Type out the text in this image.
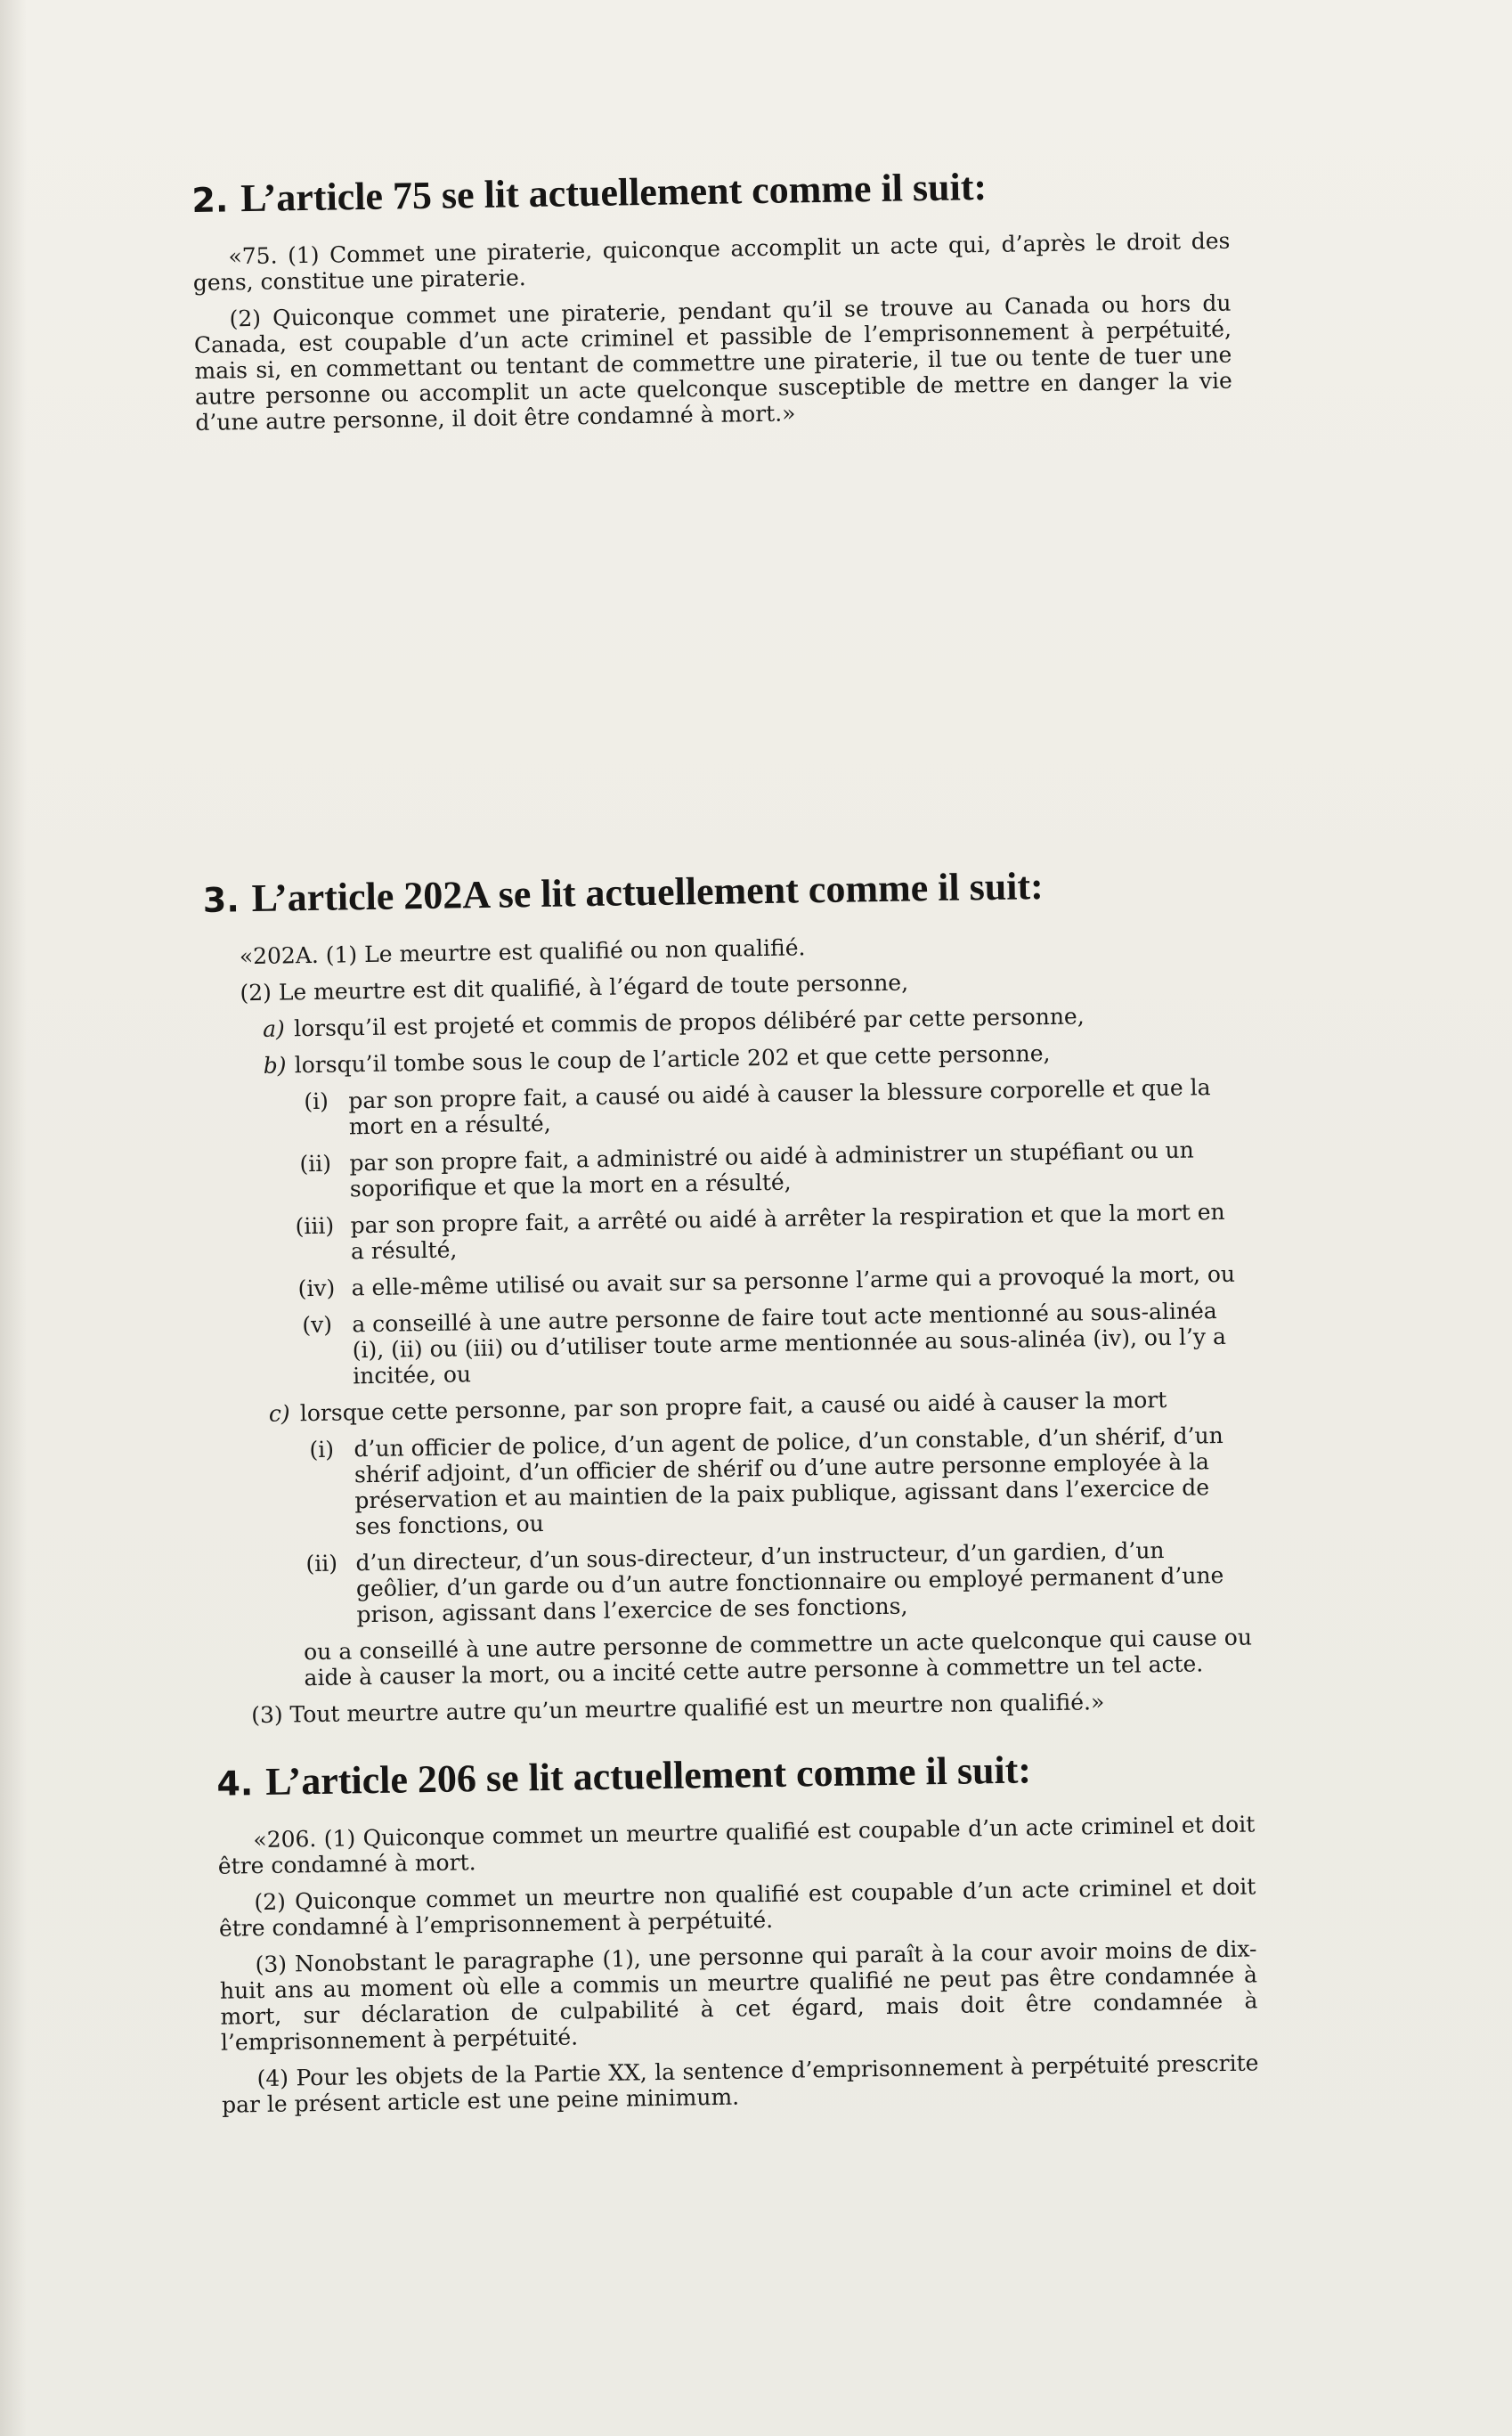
2. L’article 75 se lit actuellement comme il suit:

«75. (1) Commet une piraterie, quiconque accomplit un acte qui, d’après le droit des gens, constitue une piraterie.

(2) Quiconque commet une piraterie, pendant qu’il se trouve au Canada ou hors du Canada, est coupable d’un acte criminel et passible de l’emprisonnement à perpétuité, mais si, en commettant ou tentant de commettre une piraterie, il tue ou tente de tuer une autre personne ou accomplit un acte quelconque susceptible de mettre en danger la vie d’une autre personne, il doit être condamné à mort.»

3. L’article 202A se lit actuellement comme il suit:

«202A. (1) Le meurtre est qualifié ou non qualifié.

(2) Le meurtre est dit qualifié, à l’égard de toute personne,

a) lorsqu’il est projeté et commis de propos délibéré par cette personne,
b) lorsqu’il tombe sous le coup de l’article 202 et que cette personne,
(i) par son propre fait, a causé ou aidé à causer la blessure corporelle et que la mort en a résulté,
(ii) par son propre fait, a administré ou aidé à administrer un stupéfiant ou un soporifique et que la mort en a résulté,
(iii) par son propre fait, a arrêté ou aidé à arrêter la respiration et que la mort en a résulté,
(iv) a elle-même utilisé ou avait sur sa personne l’arme qui a provoqué la mort, ou
(v) a conseillé à une autre personne de faire tout acte mentionné au sous-alinéa (i), (ii) ou (iii) ou d’utiliser toute arme mentionnée au sous-alinéa (iv), ou l’y a incitée, ou
c) lorsque cette personne, par son propre fait, a causé ou aidé à causer la mort
(i) d’un officier de police, d’un agent de police, d’un constable, d’un shérif, d’un shérif adjoint, d’un officier de shérif ou d’une autre personne employée à la préservation et au maintien de la paix publique, agissant dans l’exercice de ses fonctions, ou
(ii) d’un directeur, d’un sous-directeur, d’un instructeur, d’un gardien, d’un geôlier, d’un garde ou d’un autre fonctionnaire ou employé permanent d’une prison, agissant dans l’exercice de ses fonctions,

ou a conseillé à une autre personne de commettre un acte quelconque qui cause ou aide à causer la mort, ou a incité cette autre personne à commettre un tel acte.

(3) Tout meurtre autre qu’un meurtre qualifié est un meurtre non qualifié.»

4. L’article 206 se lit actuellement comme il suit:

«206. (1) Quiconque commet un meurtre qualifié est coupable d’un acte criminel et doit être condamné à mort.

(2) Quiconque commet un meurtre non qualifié est coupable d’un acte criminel et doit être condamné à l’emprisonnement à perpétuité.

(3) Nonobstant le paragraphe (1), une personne qui paraît à la cour avoir moins de dix-huit ans au moment où elle a commis un meurtre qualifié ne peut pas être condamnée à mort, sur déclaration de culpabilité à cet égard, mais doit être condamnée à l’emprisonnement à perpétuité.

(4) Pour les objets de la Partie XX, la sentence d’emprisonnement à perpétuité prescrite par le présent article est une peine minimum.
